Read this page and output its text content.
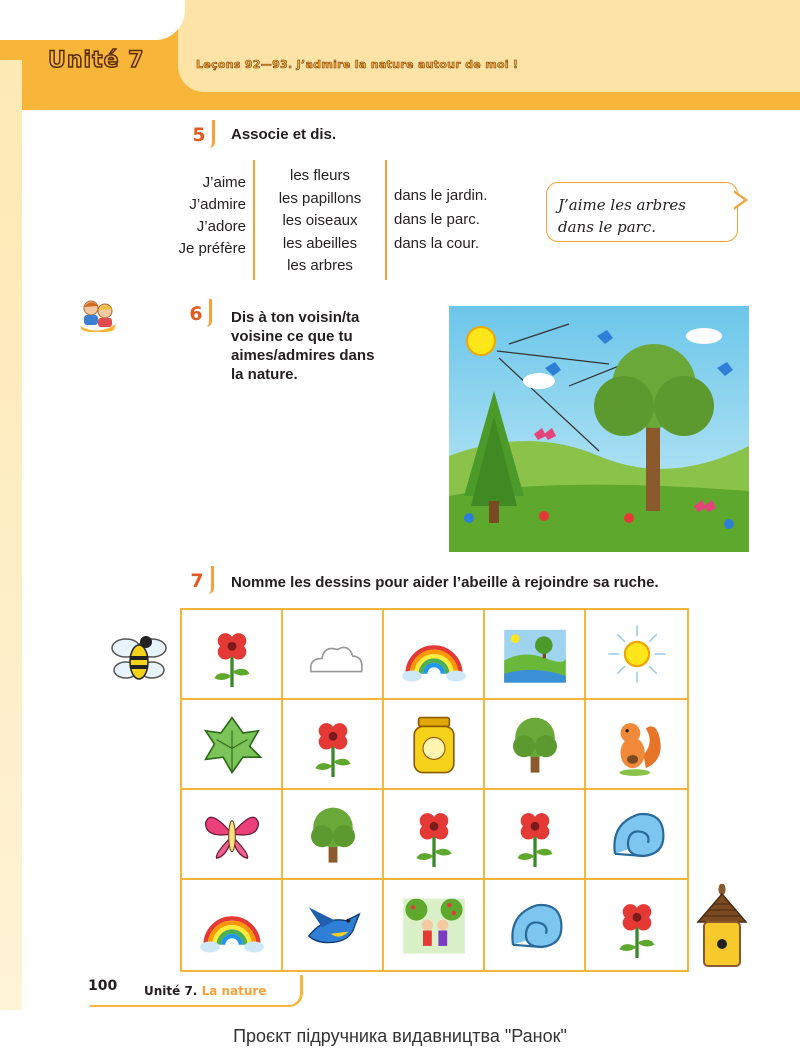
Unité 7	Leçons 92—93. J’admire la nature autour de moi !
5 Associe et dis.
J’aime
J’admire
J’adore
Je préfère
les fleurs
les papillons
les oiseaux
les abeilles
les arbres
dans le jardin.
dans le parc.
dans la cour.
J’aime les arbres
dans le parc.
6 Dis à ton voisin/ta
voisine ce que tu
aimes/admires dans
la nature.
7 Nomme les dessins pour aider l’abeille à rejoindre sa ruche.
100 Unité 7. La nature
Проєкт підручника видавництва "Ранок"
